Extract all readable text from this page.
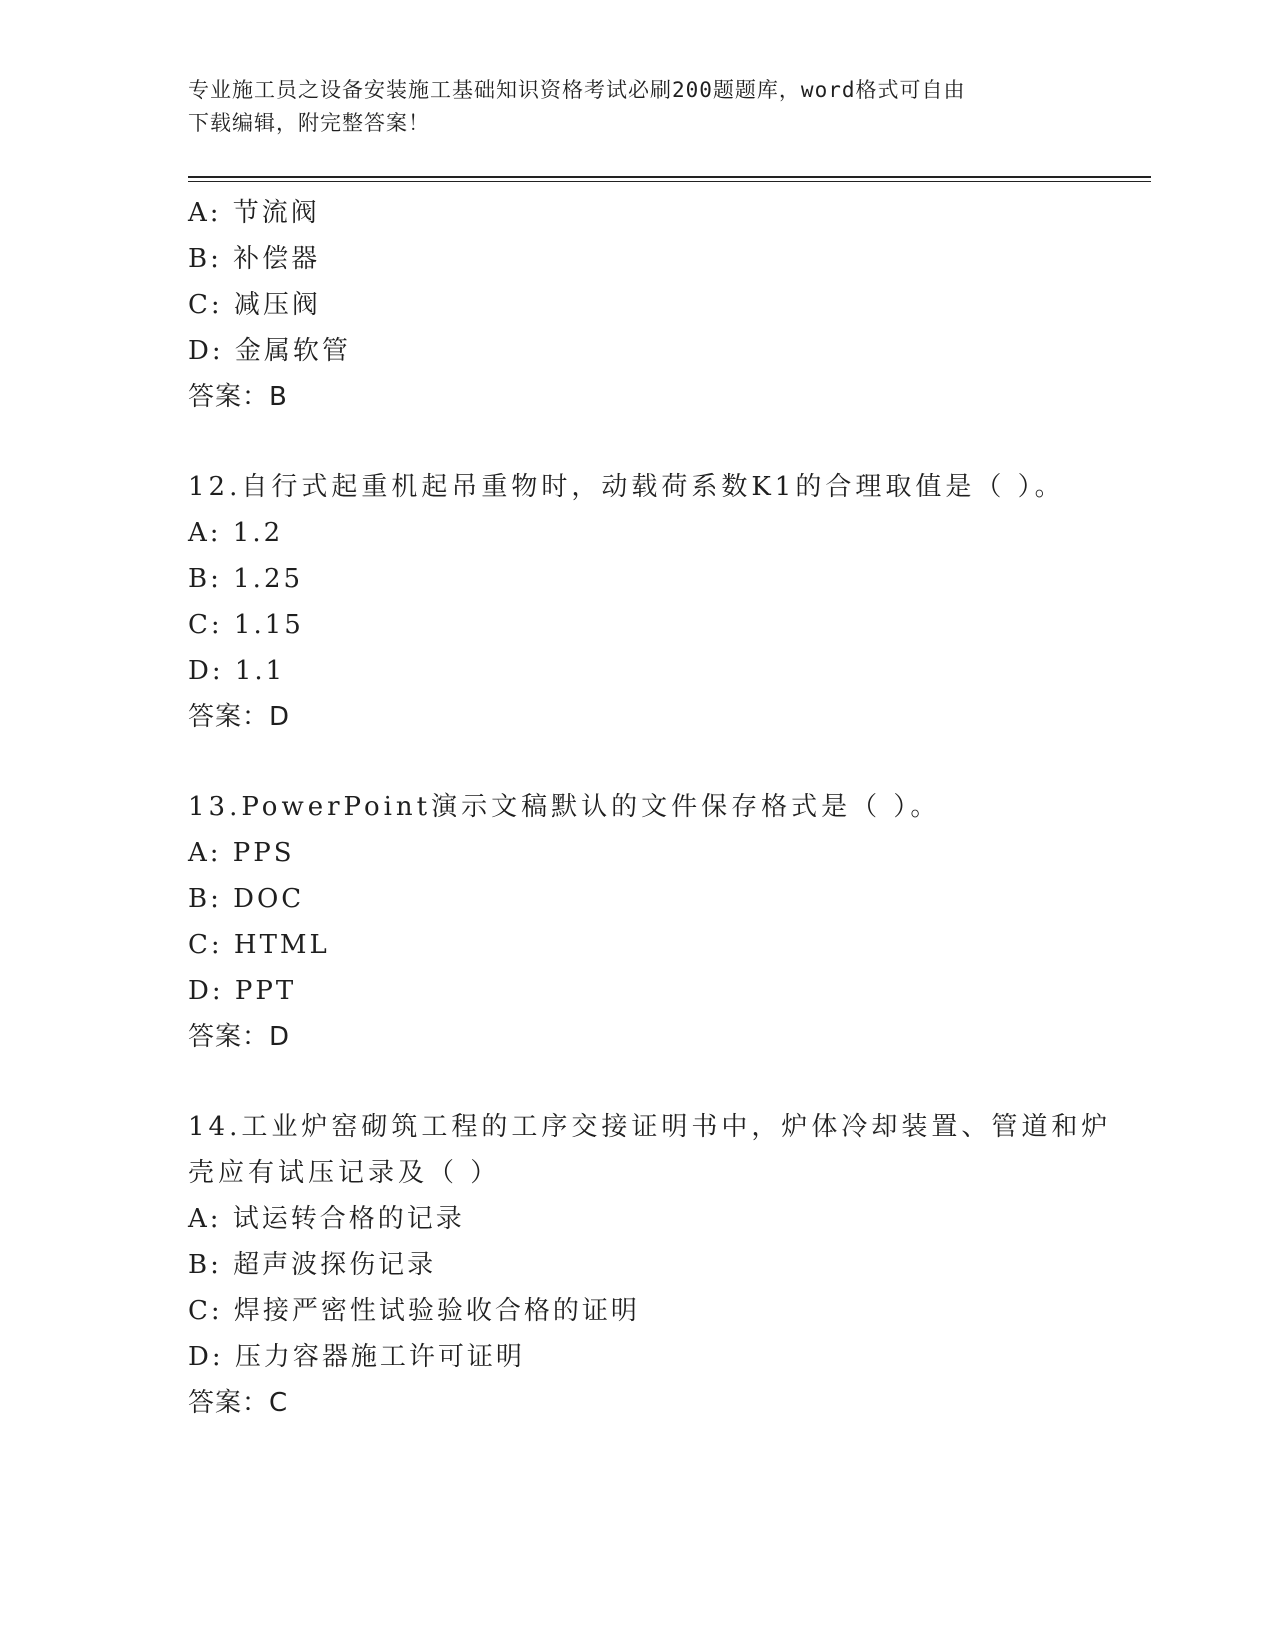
专业施工员之设备安装施工基础知识资格考试必刷200题题库，word格式可自由
下载编辑，附完整答案！
A: 节流阀
B: 补偿器
C: 减压阀
D: 金属软管
答案：B
12.自行式起重机起吊重物时，动载荷系数K1的合理取值是（ ）。
A: 1.2
B: 1.25
C: 1.15
D: 1.1
答案：D
13.PowerPoint演示文稿默认的文件保存格式是（ ）。
A: PPS
B: DOC
C: HTML
D: PPT
答案：D
14.工业炉窑砌筑工程的工序交接证明书中，炉体冷却装置、管道和炉
壳应有试压记录及（ ）
A: 试运转合格的记录
B: 超声波探伤记录
C: 焊接严密性试验验收合格的证明
D: 压力容器施工许可证明
答案：C
